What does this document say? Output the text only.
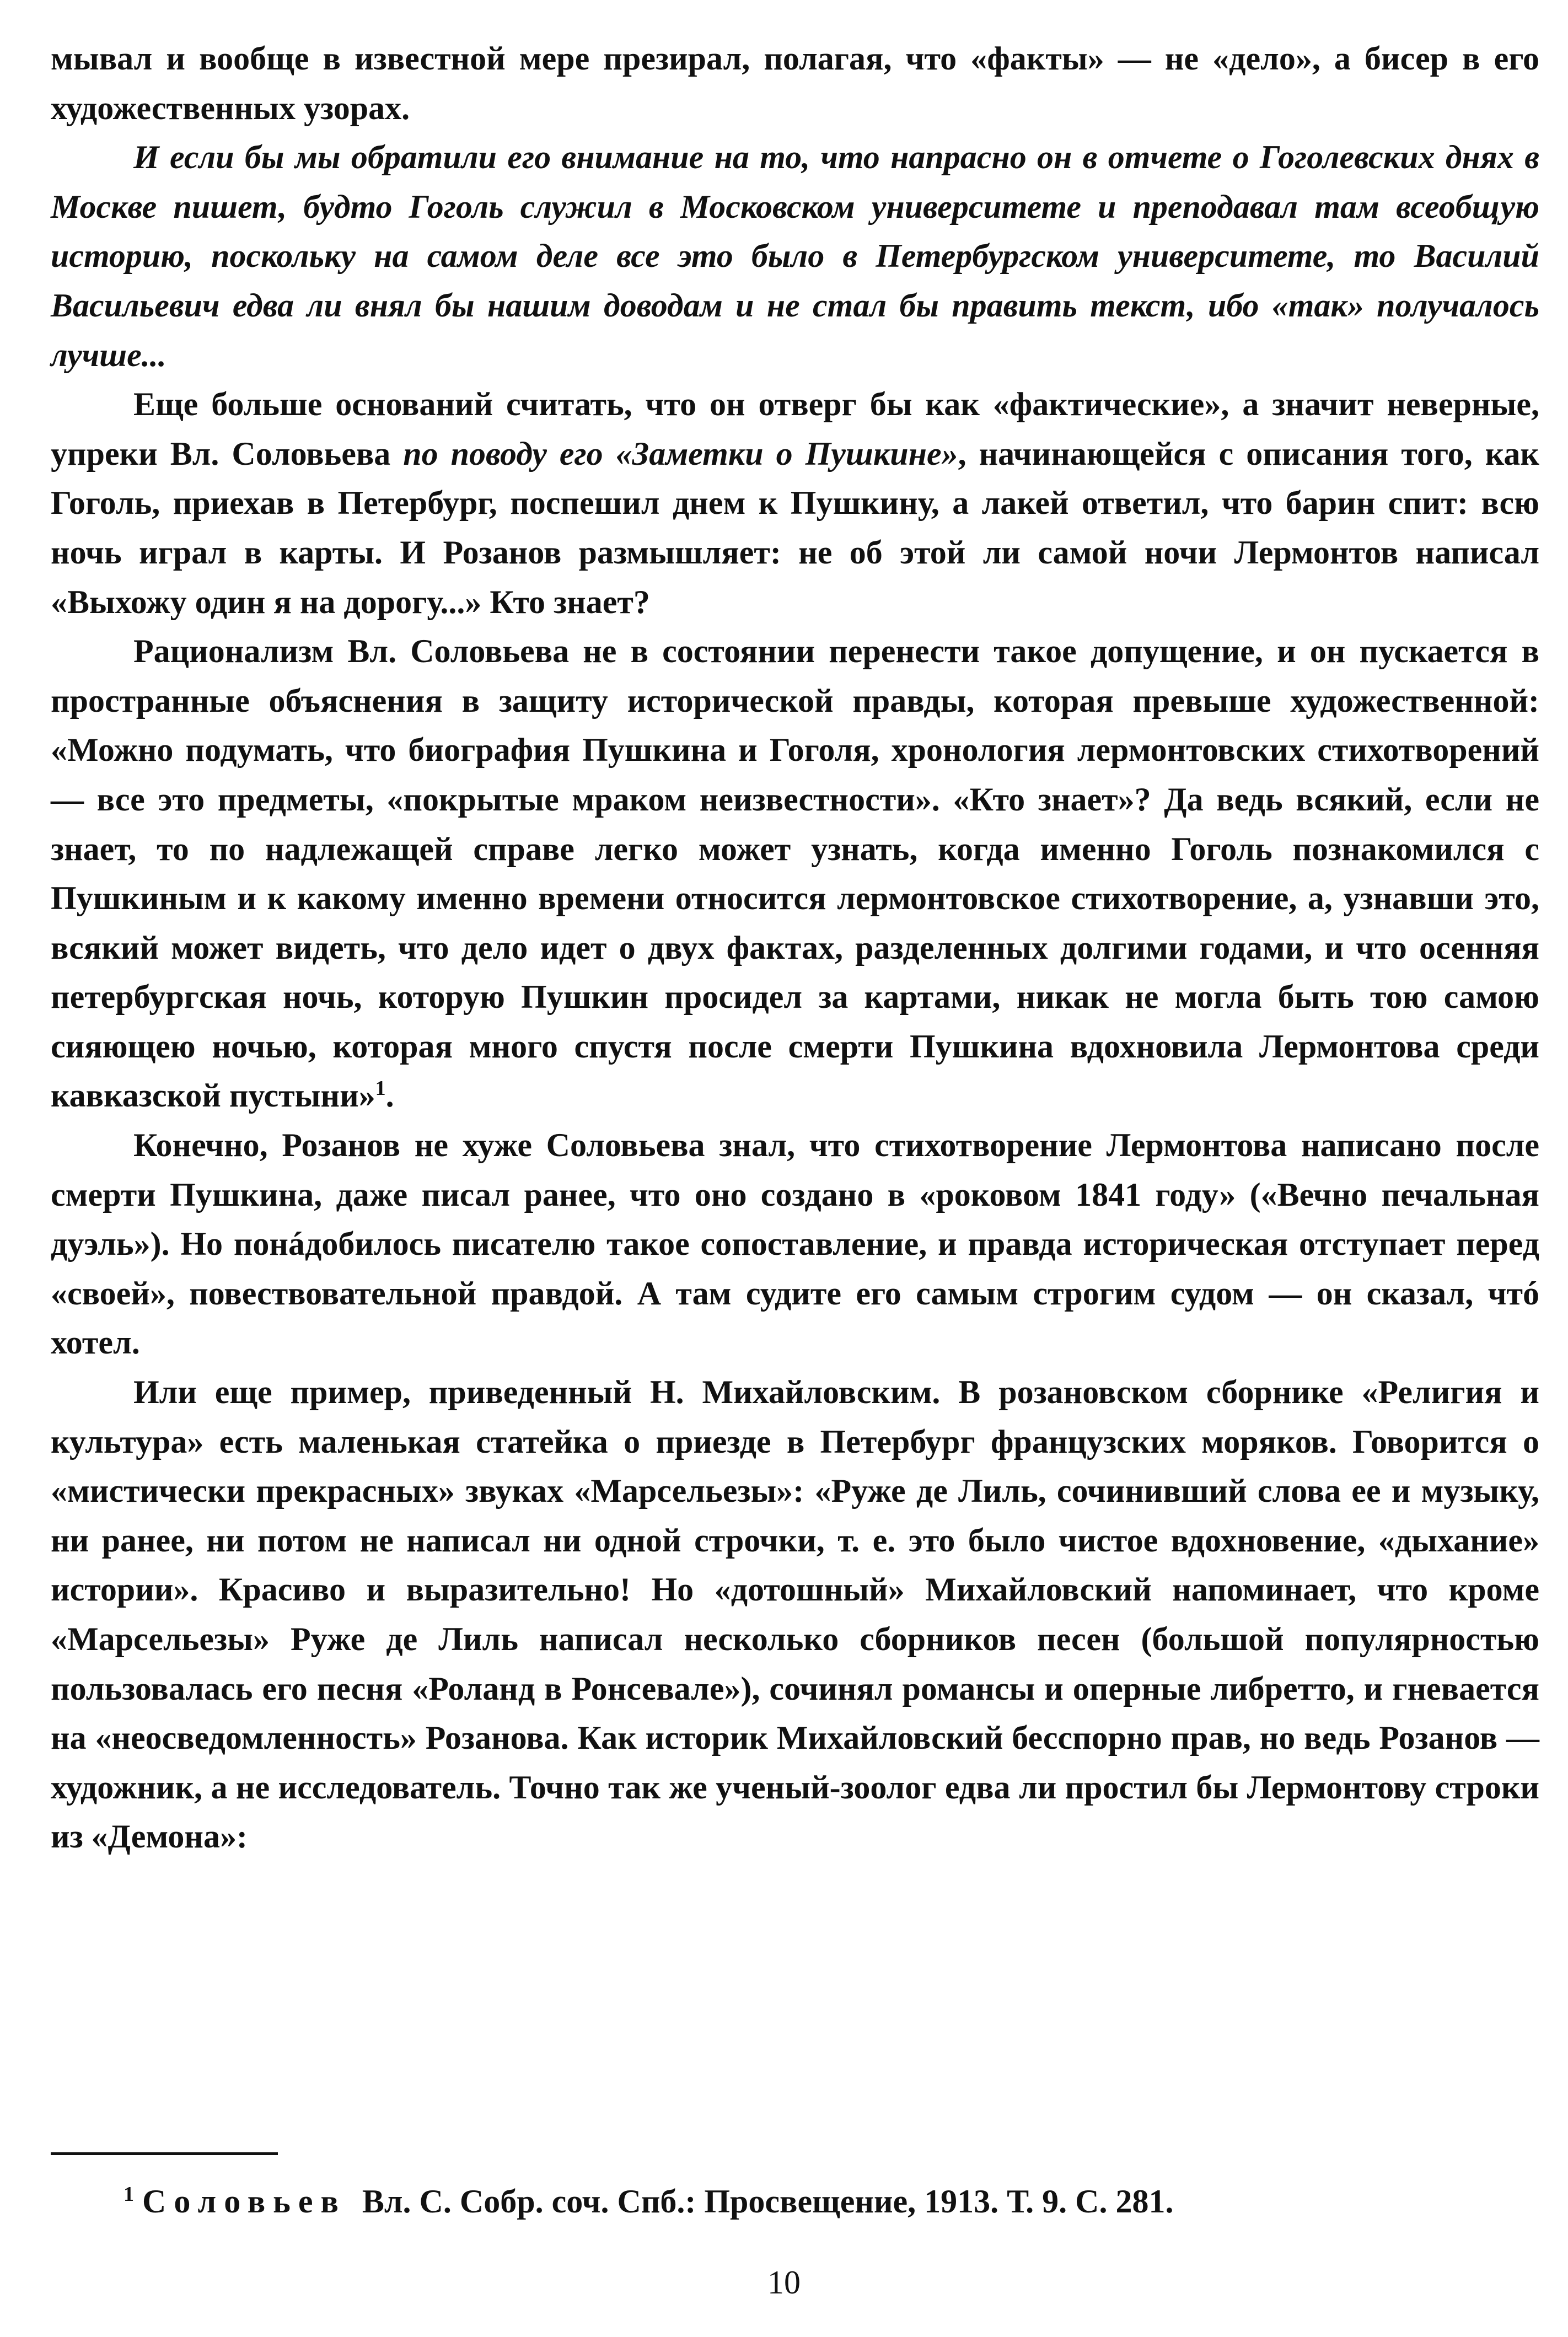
мывал и вообще в известной мере презирал, полагая, что «факты» — не «дело», а бисер в его художественных узорах.

И если бы мы обратили его внимание на то, что напрасно он в отчете о Гоголевских днях в Москве пишет, будто Гоголь служил в Московском университете и преподавал там всеобщую историю, поскольку на самом деле все это было в Петербургском университете, то Василий Васильевич едва ли внял бы нашим доводам и не стал бы править текст, ибо «так» получалось лучше...

Еще больше оснований считать, что он отверг бы как «фактические», а значит неверные, упреки Вл. Соловьева по поводу его «Заметки о Пушкине», начинающейся с описания того, как Гоголь, приехав в Петербург, поспешил днем к Пушкину, а лакей ответил, что барин спит: всю ночь играл в карты. И Розанов размышляет: не об этой ли самой ночи Лермонтов написал «Выхожу один я на дорогу...» Кто знает?

Рационализм Вл. Соловьева не в состоянии перенести такое допущение, и он пускается в пространные объяснения в защиту исторической правды, которая превыше художественной: «Можно подумать, что биография Пушкина и Гоголя, хронология лермонтовских стихотворений — все это предметы, «покрытые мраком неизвестности». «Кто знает»? Да ведь всякий, если не знает, то по надлежащей справе легко может узнать, когда именно Гоголь познакомился с Пушкиным и к какому именно времени относится лермонтовское стихотворение, а, узнавши это, всякий может видеть, что дело идет о двух фактах, разделенных долгими годами, и что осенняя петербургская ночь, которую Пушкин просидел за картами, никак не могла быть тою самою сияющею ночью, которая много спустя после смерти Пушкина вдохновила Лермонтова среди кавказской пустыни»$^1$.

Конечно, Розанов не хуже Соловьева знал, что стихотворение Лермонтова написано после смерти Пушкина, даже писал ранее, что оно создано в «роковом 1841 году» («Вечно печальная дуэль»). Но понáдобилось писателю такое сопоставление, и правда историческая отступает перед «своей», повествовательной правдой. А там судите его самым строгим судом — он сказал, чтó хотел.

Или еще пример, приведенный Н. Михайловским. В розановском сборнике «Религия и культура» есть маленькая статейка о приезде в Петербург французских моряков. Говорится о «мистически прекрасных» звуках «Марсельезы»: «Руже де Лиль, сочинивший слова ее и музыку, ни ранее, ни потом не написал ни одной строчки, т. е. это было чистое вдохновение, «дыхание» истории». Красиво и выразительно! Но «дотошный» Михайловский напоминает, что кроме «Марсельезы» Руже де Лиль написал несколько сборников песен (большой популярностью пользовалась его песня «Роланд в Ронсевале»), сочинял романсы и оперные либретто, и гневается на «неосведомленность» Розанова. Как историк Михайловский бесспорно прав, но ведь Розанов — художник, а не исследователь. Точно так же ученый-зоолог едва ли простил бы Лермонтову строки из «Демона»:

$^1$ Соловьев Вл. С. Собр. соч. Спб.: Просвещение, 1913. Т. 9. С. 281.
10
